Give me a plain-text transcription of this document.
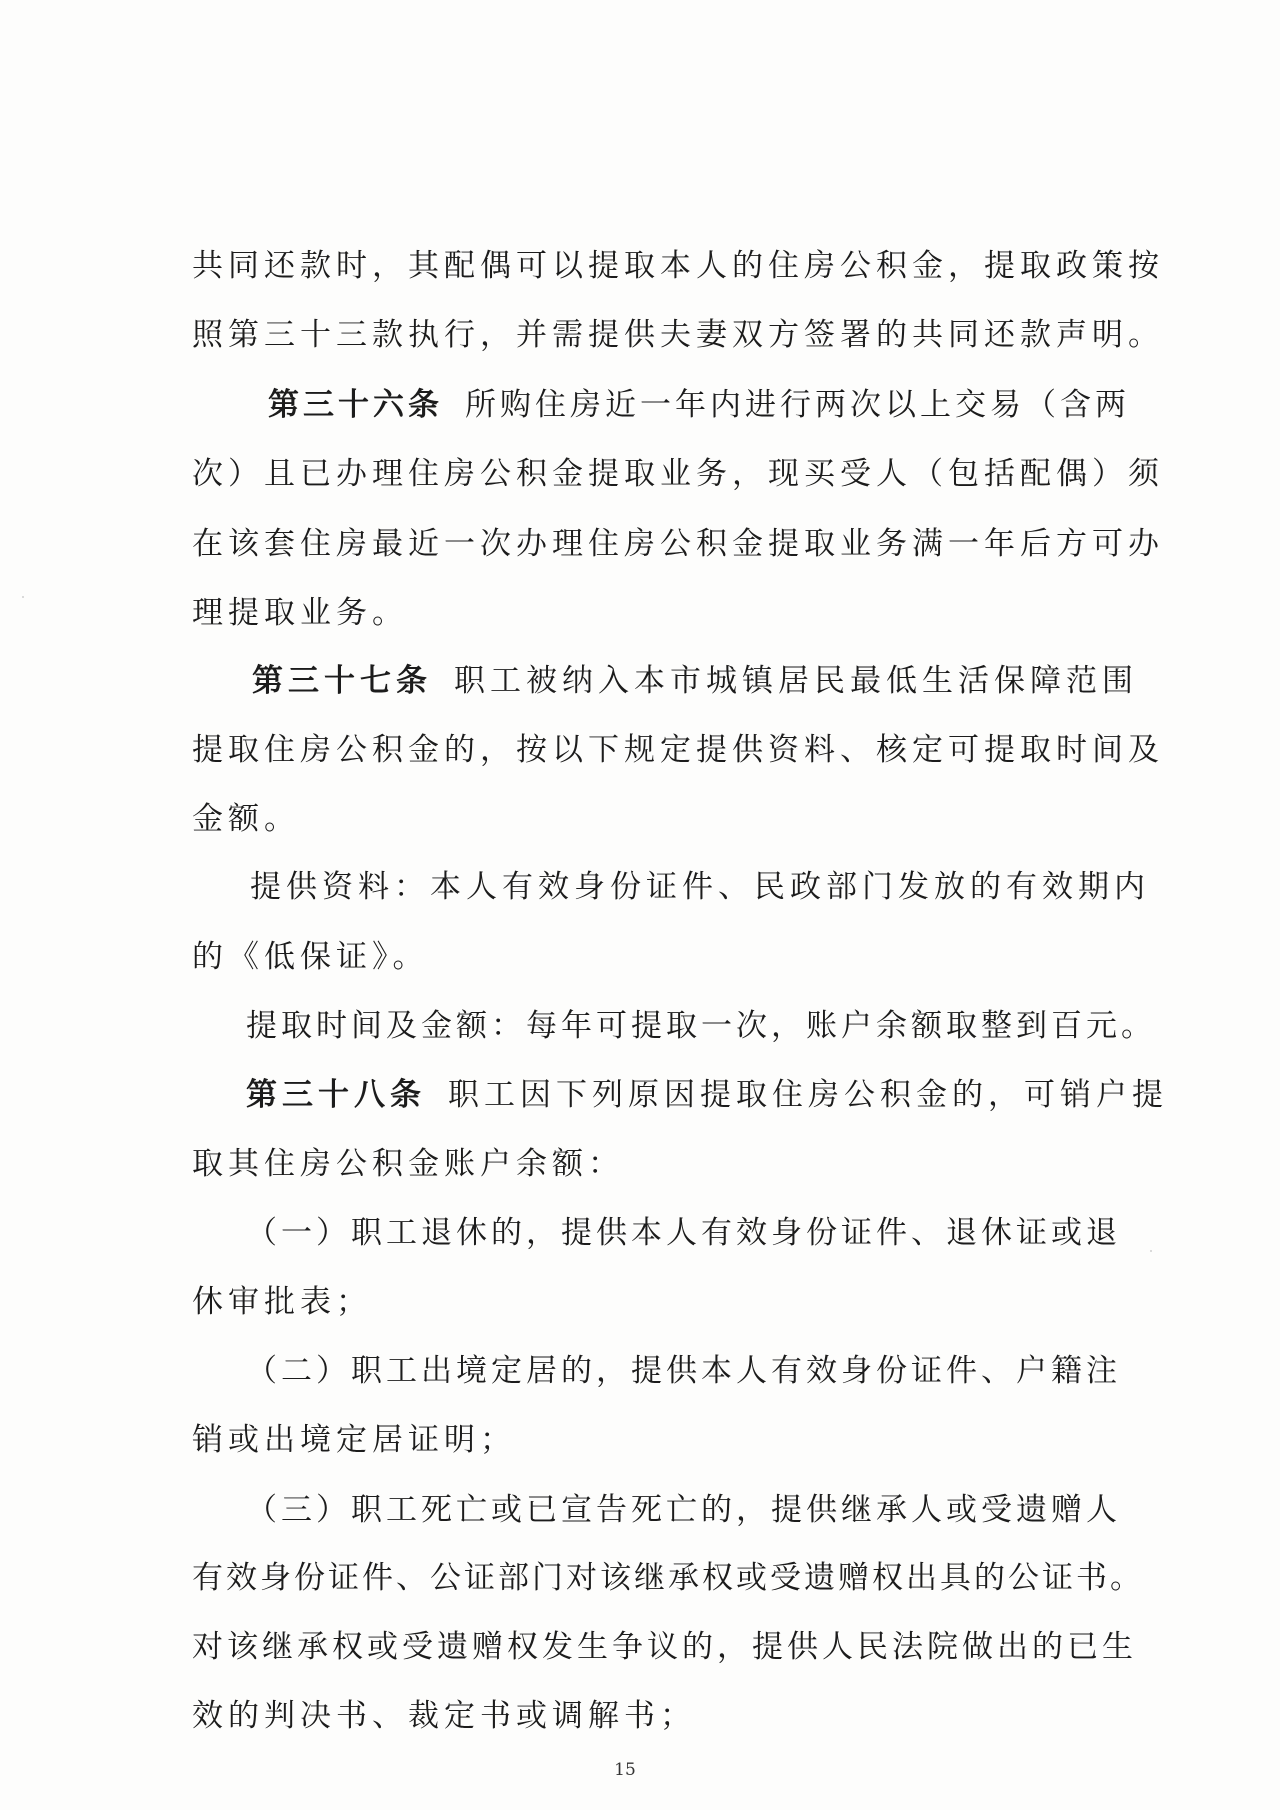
共同还款时，其配偶可以提取本人的住房公积金，提取政策按
照第三十三款执行，并需提供夫妻双方签署的共同还款声明。
第三十六条 所购住房近一年内进行两次以上交易（含两
次）且已办理住房公积金提取业务，现买受人（包括配偶）须
在该套住房最近一次办理住房公积金提取业务满一年后方可办
理提取业务。
第三十七条 职工被纳入本市城镇居民最低生活保障范围
提取住房公积金的，按以下规定提供资料、核定可提取时间及
金额。
提供资料：本人有效身份证件、民政部门发放的有效期内
的《低保证》。
提取时间及金额：每年可提取一次，账户余额取整到百元。
第三十八条 职工因下列原因提取住房公积金的，可销户提
取其住房公积金账户余额：
（一）职工退休的，提供本人有效身份证件、退休证或退
休审批表；
（二）职工出境定居的，提供本人有效身份证件、户籍注
销或出境定居证明；
（三）职工死亡或已宣告死亡的，提供继承人或受遗赠人
有效身份证件、公证部门对该继承权或受遗赠权出具的公证书。
对该继承权或受遗赠权发生争议的，提供人民法院做出的已生
效的判决书、裁定书或调解书；
15
